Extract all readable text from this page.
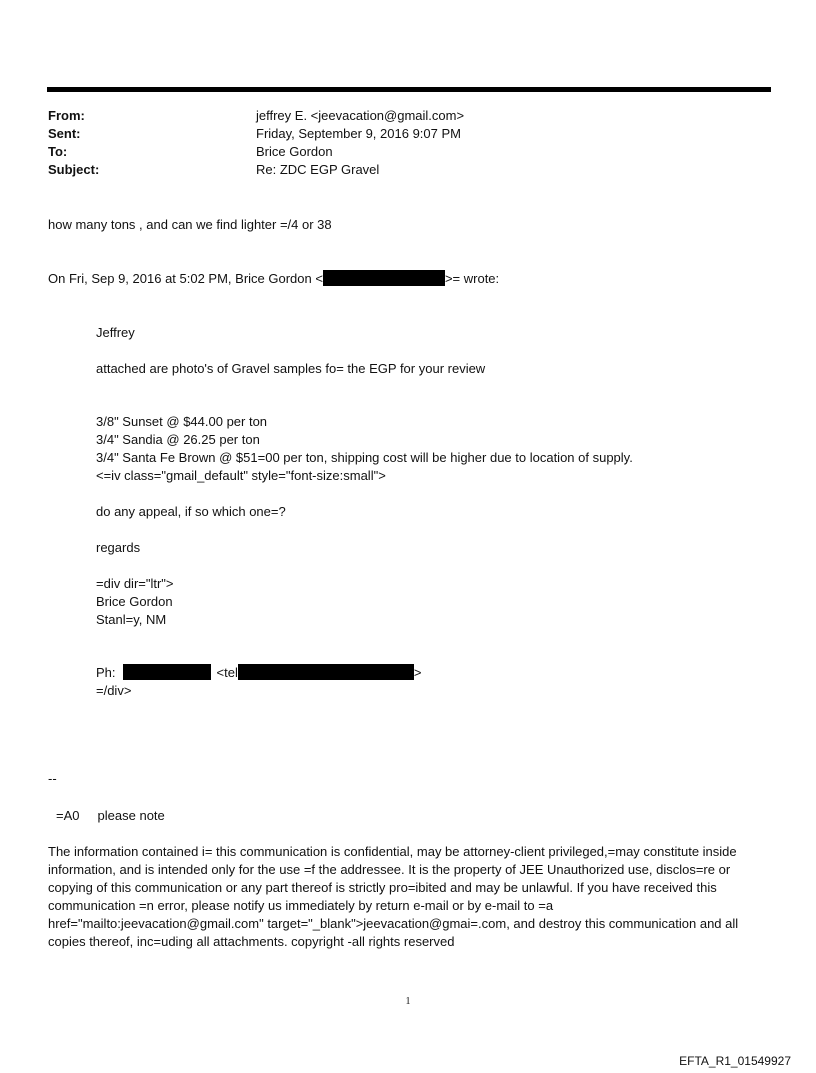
From:	jeffrey E. <jeevacation@gmail.com>
Sent:	Friday, September 9, 2016 9:07 PM
To:	Brice Gordon
Subject:	Re: ZDC EGP Gravel
how many tons , and can we find lighter =/4 or 38
On Fri, Sep 9, 2016 at 5:02 PM, Brice Gordon <	>= wrote:
Jeffrey
attached are photo's of Gravel samples fo= the EGP for your review
3/8" Sunset @ $44.00 per ton
3/4" Sandia @ 26.25 per ton
3/4" Santa Fe Brown @ $51=00 per ton, shipping cost will be higher due to location of supply.
<=iv class="gmail_default" style="font-size:small">
do any appeal, if so which one=?
regards
=div dir="ltr">
Brice Gordon
Stanl=y, NM
Ph:	<tel	>
=/div>
--
=A0     please note
The information contained i= this communication is confidential, may be attorney-client privileged,=may constitute inside information, and is intended only for the use =f the addressee. It is the property of JEE Unauthorized use, disclos=re or copying of this communication or any part thereof is strictly pro=ibited and may be unlawful. If you have received this communication =n error, please notify us immediately by return e-mail or by e-mail to =a href="mailto:jeevacation@gmail.com" target="_blank">jeevacation@gmai=.com, and destroy this communication and all copies thereof, inc=uding all attachments. copyright -all rights reserved
1
EFTA_R1_01549927
